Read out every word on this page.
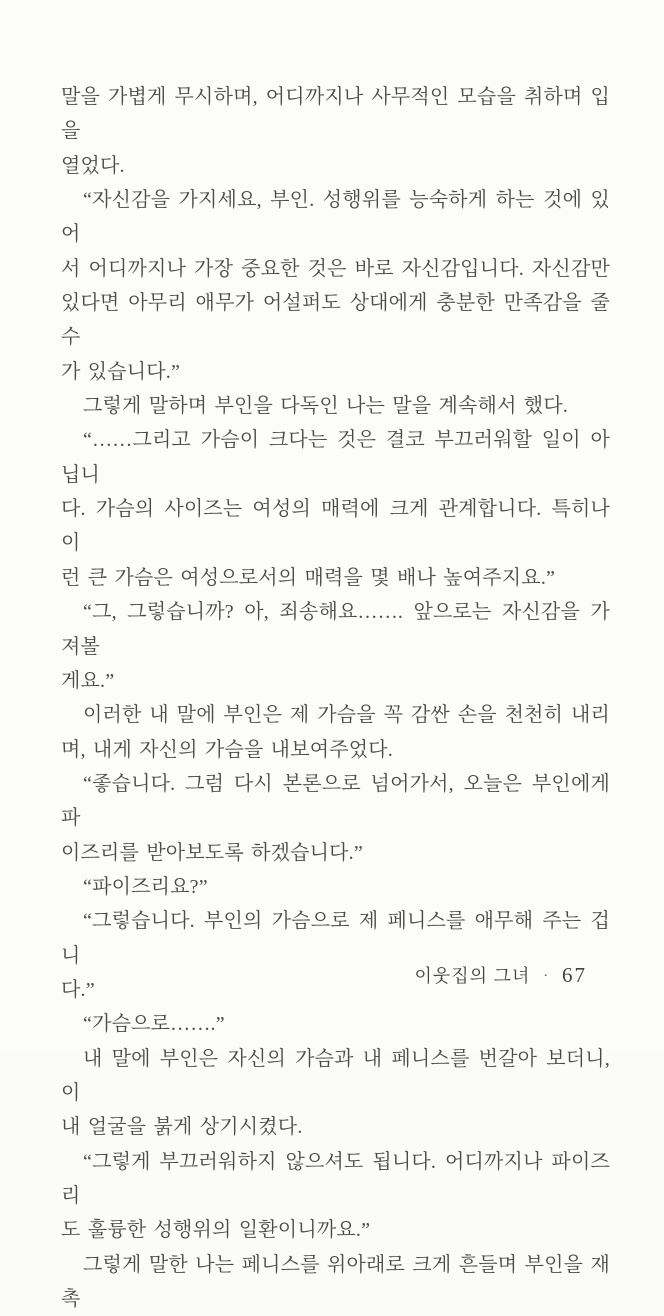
말을 가볍게 무시하며, 어디까지나 사무적인 모습을 취하며 입을
열었다.
“자신감을 가지세요, 부인. 성행위를 능숙하게 하는 것에 있어
서 어디까지나 가장 중요한 것은 바로 자신감입니다. 자신감만
있다면 아무리 애무가 어설퍼도 상대에게 충분한 만족감을 줄 수
가 있습니다.”
그렇게 말하며 부인을 다독인 나는 말을 계속해서 했다.
“……그리고 가슴이 크다는 것은 결코 부끄러워할 일이 아닙니
다. 가슴의 사이즈는 여성의 매력에 크게 관계합니다. 특히나 이
런 큰 가슴은 여성으로서의 매력을 몇 배나 높여주지요.”
“그, 그렇습니까? 아, 죄송해요……. 앞으로는 자신감을 가져볼
게요.”
이러한 내 말에 부인은 제 가슴을 꼭 감싼 손을 천천히 내리
며, 내게 자신의 가슴을 내보여주었다.
“좋습니다. 그럼 다시 본론으로 넘어가서, 오늘은 부인에게 파
이즈리를 받아보도록 하겠습니다.”
“파이즈리요?”
“그렇습니다. 부인의 가슴으로 제 페니스를 애무해 주는 겁니
다.”
“가슴으로…….”
내 말에 부인은 자신의 가슴과 내 페니스를 번갈아 보더니, 이
내 얼굴을 붉게 상기시켰다.
“그렇게 부끄러워하지 않으셔도 됩니다. 어디까지나 파이즈리
도 훌륭한 성행위의 일환이니까요.”
그렇게 말한 나는 페니스를 위아래로 크게 흔들며 부인을 재촉
이웃집의 그녀 · 67
